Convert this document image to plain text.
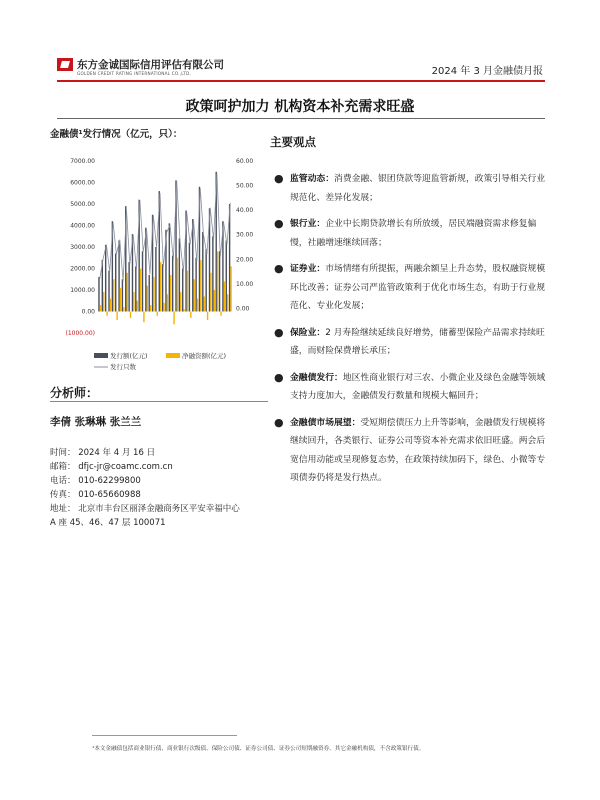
东方金诚国际信用评估有限公司
GOLDEN CREDIT RATING INTERNATIONAL CO.,LTD.	2024 年 3 月金融债月报
政策呵护加力 机构资本补充需求旺盛
金融债¹发行情况（亿元，只）：
7000.00
6000.00
5000.00
4000.00
3000.00
2000.00
1000.00
0.00
(1000.00)
60.00
50.00
40.00
30.00
20.00
10.00
0.00
发行额(亿元)	净融资额(亿元)
发行只数
分析师：
李倩 张琳琳 张兰兰
时间： 2024 年 4 月 16 日
邮箱： dfjc-jr@coamc.com.cn
电话： 010-62299800
传真： 010-65660988
地址： 北京市丰台区丽泽金融商务区平安幸福中心
A 座 45、46、47 层 100071
主要观点
● 监管动态：消费金融、银团贷款等迎监管新规，政策引导相关行业规范化、差异化发展；
● 银行业：企业中长期贷款增长有所放缓，居民端融资需求修复偏慢，社融增速继续回落；
● 证券业：市场情绪有所提振，两融余额呈上升态势，股权融资规模环比改善；证券公司严监管政策利于优化市场生态，有助于行业规范化、专业化发展；
● 保险业：2 月寿险继续延续良好增势，储蓄型保险产品需求持续旺盛，而财险保费增长承压；
● 金融债发行：地区性商业银行对三农、小微企业及绿色金融等领域支持力度加大，金融债发行数量和规模大幅回升；
● 金融债市场展望：受短期偿债压力上升等影响，金融债发行规模将继续回升，各类银行、证券公司等资本补充需求依旧旺盛。两会后宽信用动能或呈现修复态势，在政策持续加码下，绿色、小微等专项债券仍将是发行热点。
¹本文金融债包括商业银行债、商业银行次级债、保险公司债、证券公司债、证券公司短期融资券、其它金融机构债，不含政策银行债。
